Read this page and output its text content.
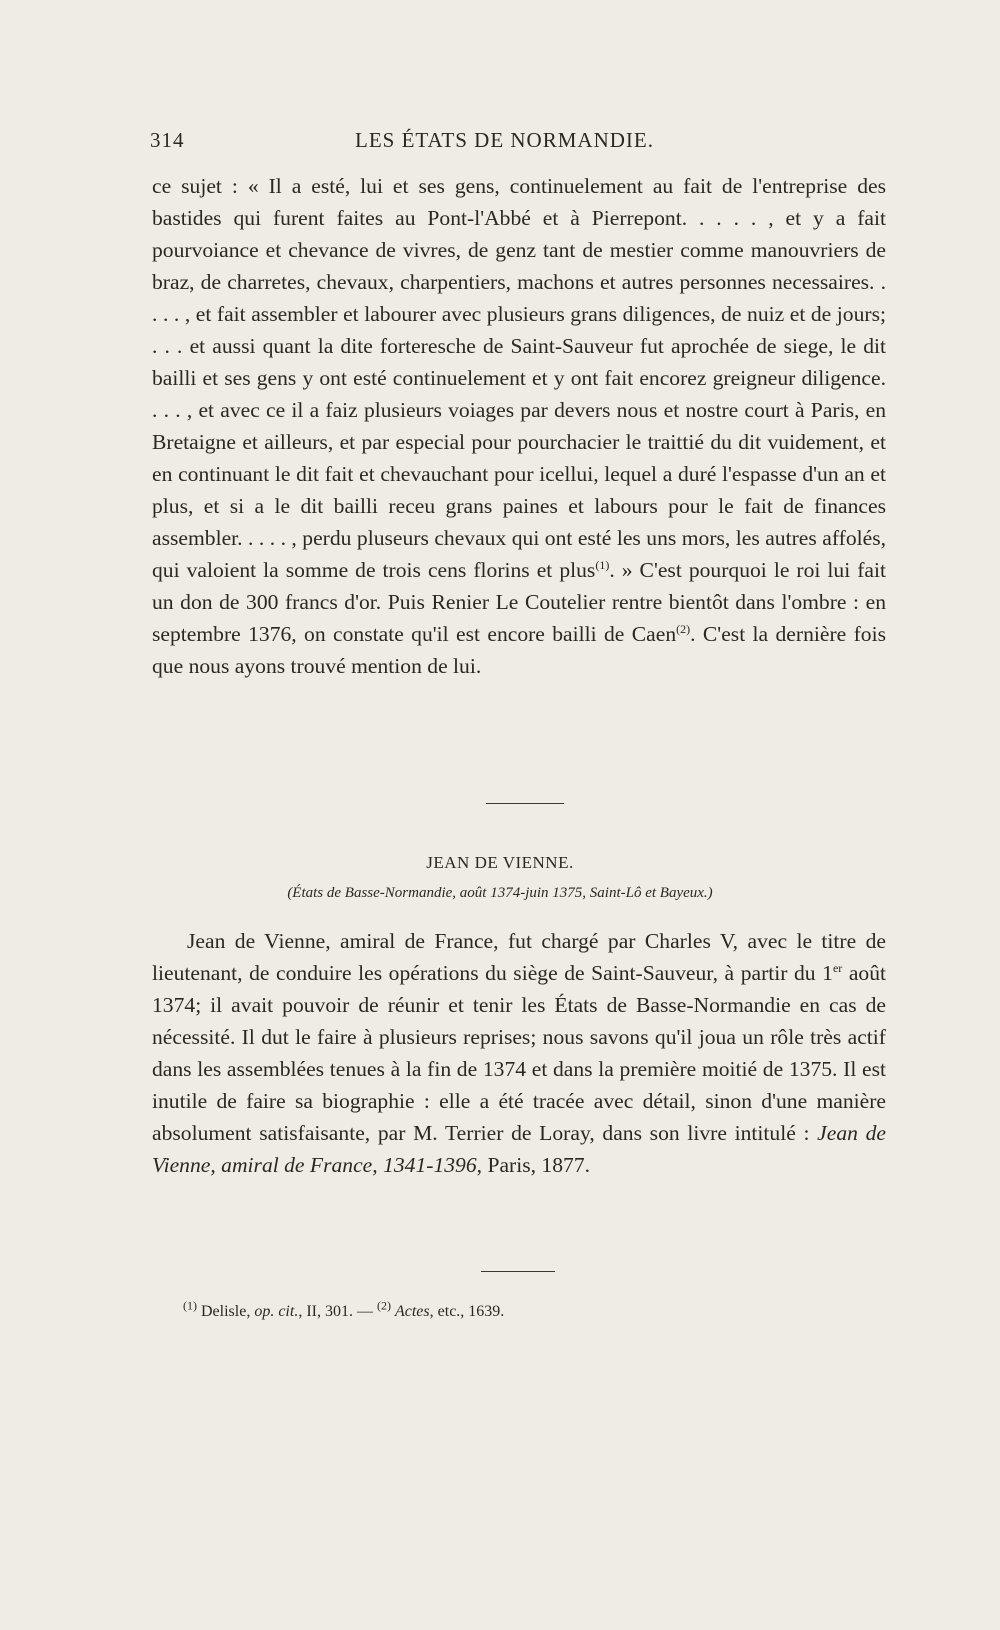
314	LES ÉTATS DE NORMANDIE.

ce sujet : « Il a esté, lui et ses gens, continuelement au fait de l'entreprise des bastides qui furent faites au Pont-l'Abbé et à Pierrepont. . . . . , et y a fait pourvoiance et chevance de vivres, de genz tant de mestier comme manouvriers de braz, de charretes, chevaux, charpentiers, machons et autres personnes necessaires. . . . . , et fait assembler et labourer avec plusieurs grans diligences, de nuiz et de jours; . . . et aussi quant la dite forteresche de Saint-Sauveur fut aprochée de siege, le dit bailli et ses gens y ont esté continuelement et y ont fait encorez greigneur diligence. . . . , et avec ce il a faiz plusieurs voiages par devers nous et nostre court à Paris, en Bretaigne et ailleurs, et par especial pour pourchacier le traittié du dit vuidement, et en continuant le dit fait et chevauchant pour icellui, lequel a duré l'espasse d'un an et plus, et si a le dit bailli receu grans paines et labours pour le fait de finances assembler. . . . . , perdu pluseurs chevaux qui ont esté les uns mors, les autres affolés, qui valoient la somme de trois cens florins et plus$^{(1)}$. » C'est pourquoi le roi lui fait un don de 300 francs d'or. Puis Renier Le Coutelier rentre bientôt dans l'ombre : en septembre 1376, on constate qu'il est encore bailli de Caen$^{(2)}$. C'est la dernière fois que nous ayons trouvé mention de lui.

JEAN DE VIENNE.
(États de Basse-Normandie, août 1374-juin 1375, Saint-Lô et Bayeux.)

Jean de Vienne, amiral de France, fut chargé par Charles V, avec le titre de lieutenant, de conduire les opérations du siège de Saint-Sauveur, à partir du 1er août 1374; il avait pouvoir de réunir et tenir les États de Basse-Normandie en cas de nécessité. Il dut le faire à plusieurs reprises; nous savons qu'il joua un rôle très actif dans les assemblées tenues à la fin de 1374 et dans la première moitié de 1375. Il est inutile de faire sa biographie : elle a été tracée avec détail, sinon d'une manière absolument satisfaisante, par M. Terrier de Loray, dans son livre intitulé : Jean de Vienne, amiral de France, 1341-1396, Paris, 1877.

$^{(1)}$ Delisle, op. cit., II, 301. — $^{(2)}$ Actes, etc., 1639.
